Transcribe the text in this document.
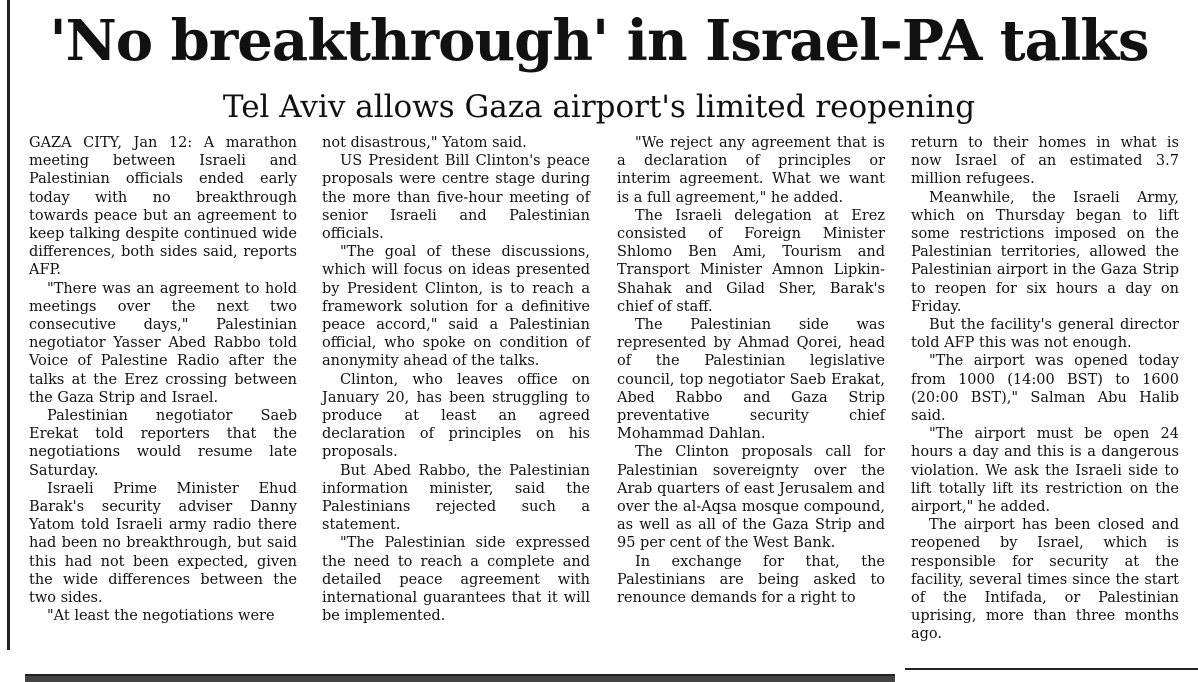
'No breakthrough' in Israel-PA talks
Tel Aviv allows Gaza airport's limited reopening

GAZA CITY, Jan 12: A marathon meeting between Israeli and Palestinian officials ended early today with no breakthrough towards peace but an agreement to keep talking despite continued wide differences, both sides said, reports AFP.

"There was an agreement to hold meetings over the next two consecutive days," Palestinian negotiator Yasser Abed Rabbo told Voice of Palestine Radio after the talks at the Erez crossing between the Gaza Strip and Israel.

Palestinian negotiator Saeb Erekat told reporters that the negotiations would resume late Saturday.

Israeli Prime Minister Ehud Barak's security adviser Danny Yatom told Israeli army radio there had been no breakthrough, but said this had not been expected, given the wide differences between the two sides.

"At least the negotiations were

not disastrous," Yatom said.

US President Bill Clinton's peace proposals were centre stage during the more than five-hour meeting of senior Israeli and Palestinian officials.

"The goal of these discussions, which will focus on ideas presented by President Clinton, is to reach a framework solution for a definitive peace accord," said a Palestinian official, who spoke on condition of anonymity ahead of the talks.

Clinton, who leaves office on January 20, has been struggling to produce at least an agreed declaration of principles on his proposals.

But Abed Rabbo, the Palestinian information minister, said the Palestinians rejected such a statement.

"The Palestinian side expressed the need to reach a complete and detailed peace agreement with international guarantees that it will be implemented.

"We reject any agreement that is a declaration of principles or interim agreement. What we want is a full agreement," he added.

The Israeli delegation at Erez consisted of Foreign Minister Shlomo Ben Ami, Tourism and Transport Minister Amnon Lipkin-Shahak and Gilad Sher, Barak's chief of staff.

The Palestinian side was represented by Ahmad Qorei, head of the Palestinian legislative council, top negotiator Saeb Erakat, Abed Rabbo and Gaza Strip preventative security chief Mohammad Dahlan.

The Clinton proposals call for Palestinian sovereignty over the Arab quarters of east Jerusalem and over the al-Aqsa mosque compound, as well as all of the Gaza Strip and 95 per cent of the West Bank.

In exchange for that, the Palestinians are being asked to renounce demands for a right to

return to their homes in what is now Israel of an estimated 3.7 million refugees.

Meanwhile, the Israeli Army, which on Thursday began to lift some restrictions imposed on the Palestinian territories, allowed the Palestinian airport in the Gaza Strip to reopen for six hours a day on Friday.

But the facility's general director told AFP this was not enough.

"The airport was opened today from 1000 (14:00 BST) to 1600 (20:00 BST)," Salman Abu Halib said.

"The airport must be open 24 hours a day and this is a dangerous violation. We ask the Israeli side to lift totally lift its restriction on the airport," he added.

The airport has been closed and reopened by Israel, which is responsible for security at the facility, several times since the start of the Intifada, or Palestinian uprising, more than three months ago.
